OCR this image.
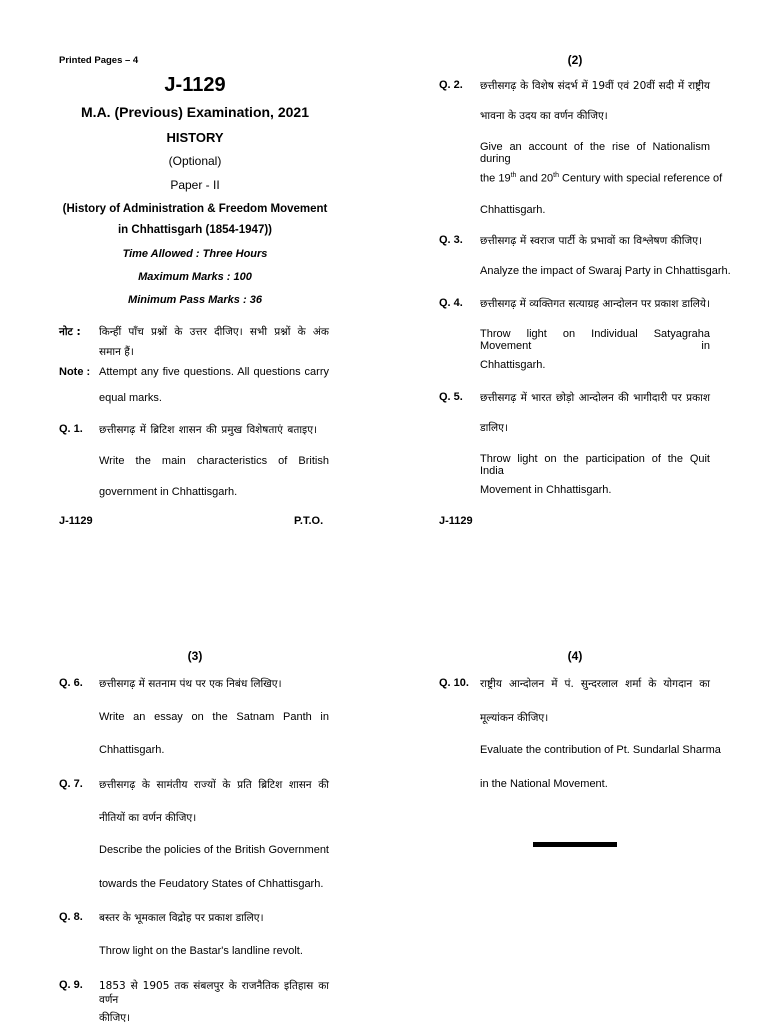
Printed Pages – 4
J-1129
M.A. (Previous) Examination, 2021
HISTORY
(Optional)
Paper - II
(History of Administration & Freedom Movement
in Chhattisgarh (1854-1947))
Time Allowed : Three Hours
Maximum Marks : 100
Minimum Pass Marks : 36
नोट : किन्हीं पाँच प्रश्नों के उत्तर दीजिए। सभी प्रश्नों के अंक
समान हैं।
Note : Attempt any five questions. All questions carry
equal marks.
Q. 1. छत्तीसगढ़ में ब्रिटिश शासन की प्रमुख विशेषताएं बताइए।
Write the main characteristics of British
government in Chhattisgarh.
J-1129	P.T.O.
(2)
Q. 2. छत्तीसगढ़ के विशेष संदर्भ में 19वीं एवं 20वीं सदी में राष्ट्रीय
भावना के उदय का वर्णन कीजिए।
Give an account of the rise of Nationalism during
the 19th and 20th Century with special reference of
Chhattisgarh.
Q. 3. छत्तीसगढ़ में स्वराज पार्टी के प्रभावों का विश्लेषण कीजिए।
Analyze the impact of Swaraj Party in Chhattisgarh.
Q. 4. छत्तीसगढ़ में व्यक्तिगत सत्याग्रह आन्दोलन पर प्रकाश डालिये।
Throw light on Individual Satyagraha Movement in
Chhattisgarh.
Q. 5. छत्तीसगढ़ में भारत छोड़ो आन्दोलन की भागीदारी पर प्रकाश
डालिए।
Throw light on the participation of the Quit India
Movement in Chhattisgarh.
J-1129
(3)
Q. 6. छत्तीसगढ़ में सतनाम पंथ पर एक निबंध लिखिए।
Write an essay on the Satnam Panth in
Chhattisgarh.
Q. 7. छत्तीसगढ़ के सामंतीय राज्यों के प्रति ब्रिटिश शासन की
नीतियों का वर्णन कीजिए।
Describe the policies of the British Government
towards the Feudatory States of Chhattisgarh.
Q. 8. बस्तर के भूमकाल विद्रोह पर प्रकाश डालिए।
Throw light on the Bastar's landline revolt.
Q. 9. 1853 से 1905 तक संबलपुर के राजनैतिक इतिहास का वर्णन
कीजिए।
(4)
Q. 10. राष्ट्रीय आन्दोलन में पं. सुन्दरलाल शर्मा के योगदान का
मूल्यांकन कीजिए।
Evaluate the contribution of Pt. Sundarlal Sharma
in the National Movement.
